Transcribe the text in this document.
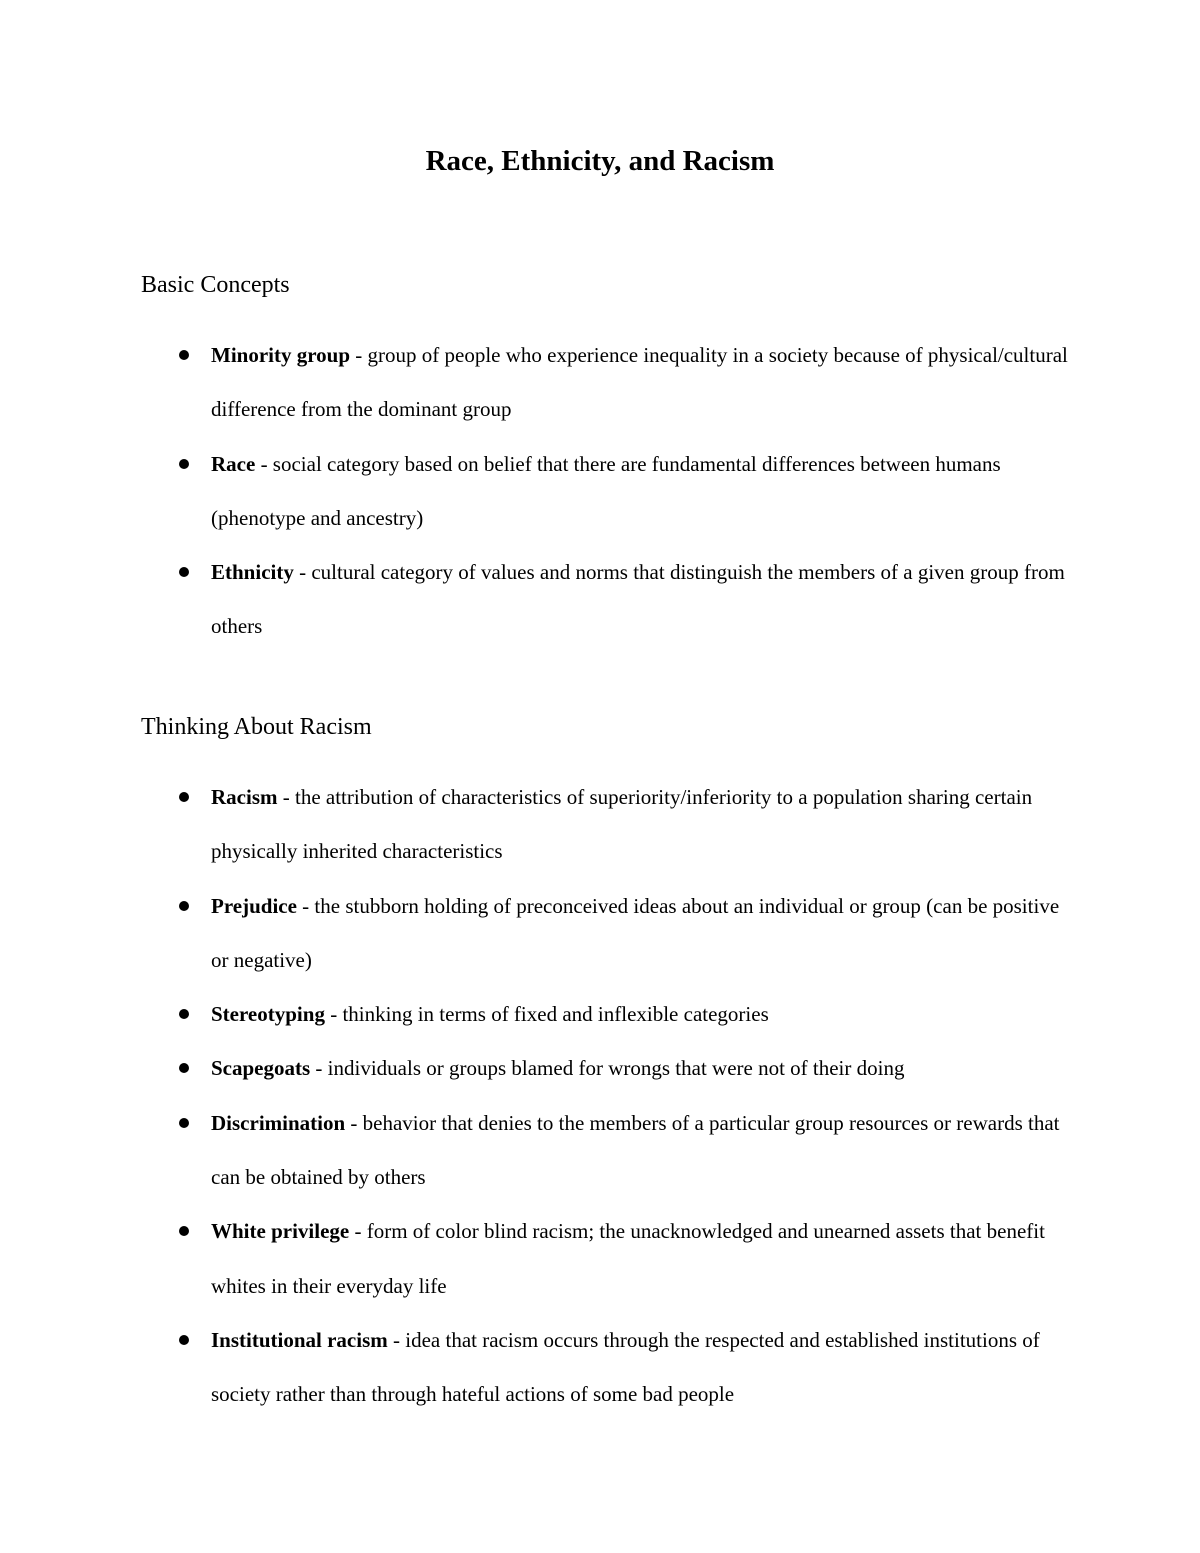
Race, Ethnicity, and Racism
Basic Concepts
Minority group - group of people who experience inequality in a society because of physical/cultural difference from the dominant group
Race - social category based on belief that there are fundamental differences between humans (phenotype and ancestry)
Ethnicity - cultural category of values and norms that distinguish the members of a given group from others
Thinking About Racism
Racism - the attribution of characteristics of superiority/inferiority to a population sharing certain physically inherited characteristics
Prejudice - the stubborn holding of preconceived ideas about an individual or group (can be positive or negative)
Stereotyping - thinking in terms of fixed and inflexible categories
Scapegoats - individuals or groups blamed for wrongs that were not of their doing
Discrimination - behavior that denies to the members of a particular group resources or rewards that can be obtained by others
White privilege - form of color blind racism; the unacknowledged and unearned assets that benefit whites in their everyday life
Institutional racism - idea that racism occurs through the respected and established institutions of society rather than through hateful actions of some bad people
